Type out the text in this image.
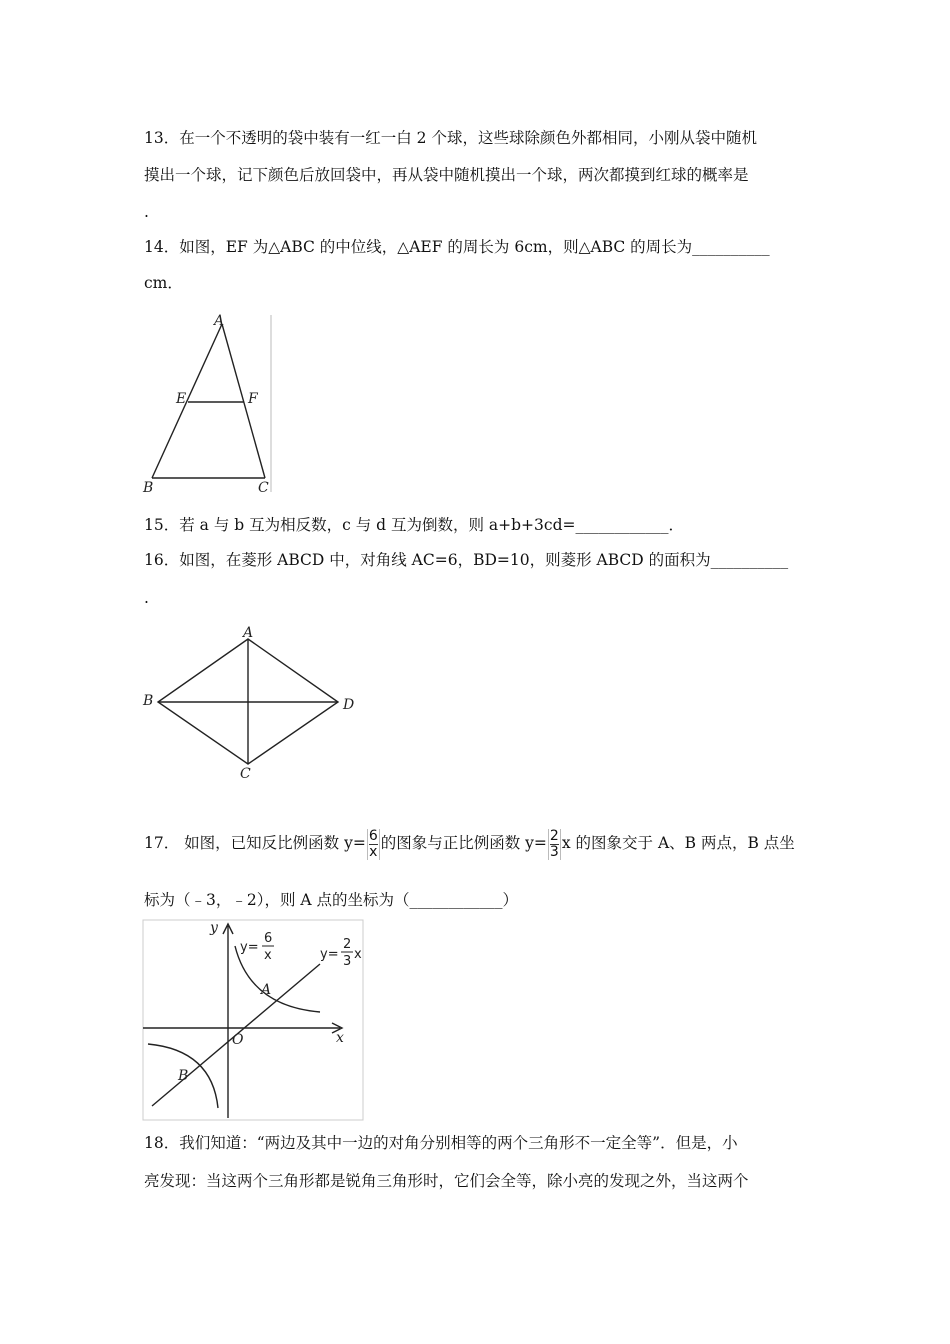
13．在一个不透明的袋中装有一红一白 2 个球，这些球除颜色外都相同，小刚从袋中随机
摸出一个球，记下颜色后放回袋中，再从袋中随机摸出一个球，两次都摸到红球的概率是
.
14．如图，EF 为△ABC 的中位线，△AEF 的周长为 6cm，则△ABC 的周长为__________
cm．
A
E	F
B	C
15．若 a 与 b 互为相反数，c 与 d 互为倒数，则 a+b+3cd=____________．
16．如图，在菱形 ABCD 中，对角线 AC=6，BD=10，则菱形 ABCD 的面积为__________
.
A
B
C
D
17． 如图，已知反比例函数 $y= \frac{6}{x}$ 的图象与正比例函数 $y= \frac{2}{3}$ x 的图象交于 A、B 两点，B 点坐
标为（﹣3，﹣2），则 A 点的坐标为（____________）
y
x
O
A
B
y=
6
x	y=
2
3 x
18．我们知道：“两边及其中一边的对角分别相等的两个三角形不一定全等”．但是，小
亮发现：当这两个三角形都是锐角三角形时，它们会全等，除小亮的发现之外，当这两个
